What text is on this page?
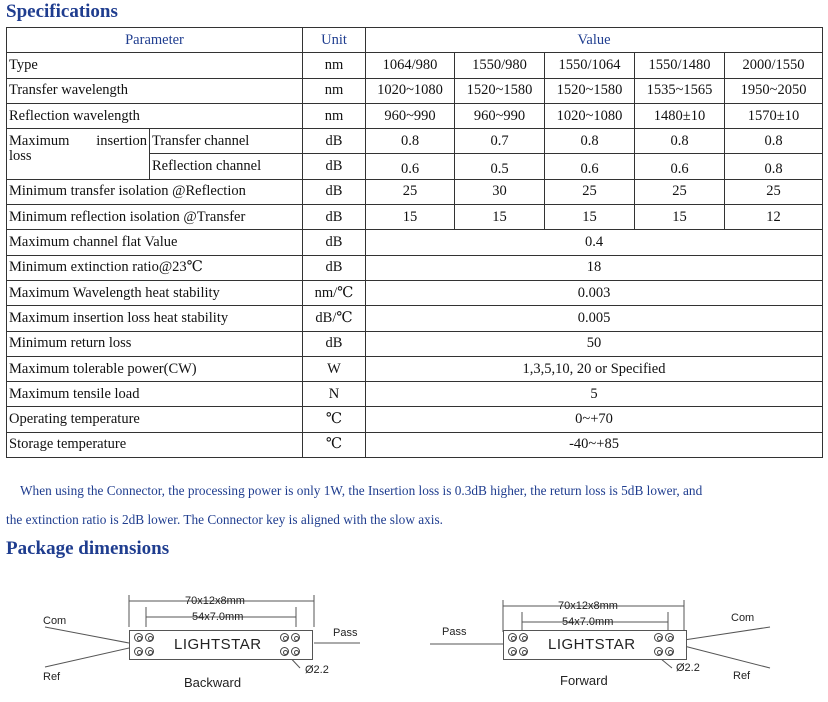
Specifications
Parameter		Unit	Value				
Type		nm	1064/980	1550/980	1550/1064	1550/1480	2000/1550
Transfer wavelength		nm	1020~1080	1520~1580	1520~1580	1535~1565	1950~2050
Reflection wavelength		nm	960~990	960~990	1020~1080	1480±10	1570±10
Maximum insertion
loss	Transfer channel	dB	0.8	0.7	0.8	0.8	0.8
	Reflection channel	dB	0.6	0.5	0.6	0.6	0.8
Minimum transfer isolation @Reflection		dB	25	30	25	25	25
Minimum reflection isolation @Transfer		dB	15	15	15	15	12
Maximum channel flat Value		dB	0.4				
Minimum extinction ratio@23℃		dB	18				
Maximum Wavelength heat stability		nm/℃	0.003				
Maximum insertion loss heat stability		dB/℃	0.005				
Minimum return loss		dB	50				
Maximum tolerable power(CW)		W	1,3,5,10, 20 or Specified				
Maximum tensile load		N	5				
Operating temperature		℃	0~+70				
Storage temperature		℃	-40~+85				
When using the Connector, the processing power is only 1W, the Insertion loss is 0.3dB higher, the return loss is 5dB lower, and
the extinction ratio is 2dB lower. The Connector key is aligned with the slow axis.
Package dimensions
70x12x8mm
54x7.0mm
Com
Ref
Pass
Ø2.2
LIGHTSTAR
Backward
70x12x8mm
54x7.0mm
Pass
Com
Ref
Ø2.2
LIGHTSTAR
Forward
